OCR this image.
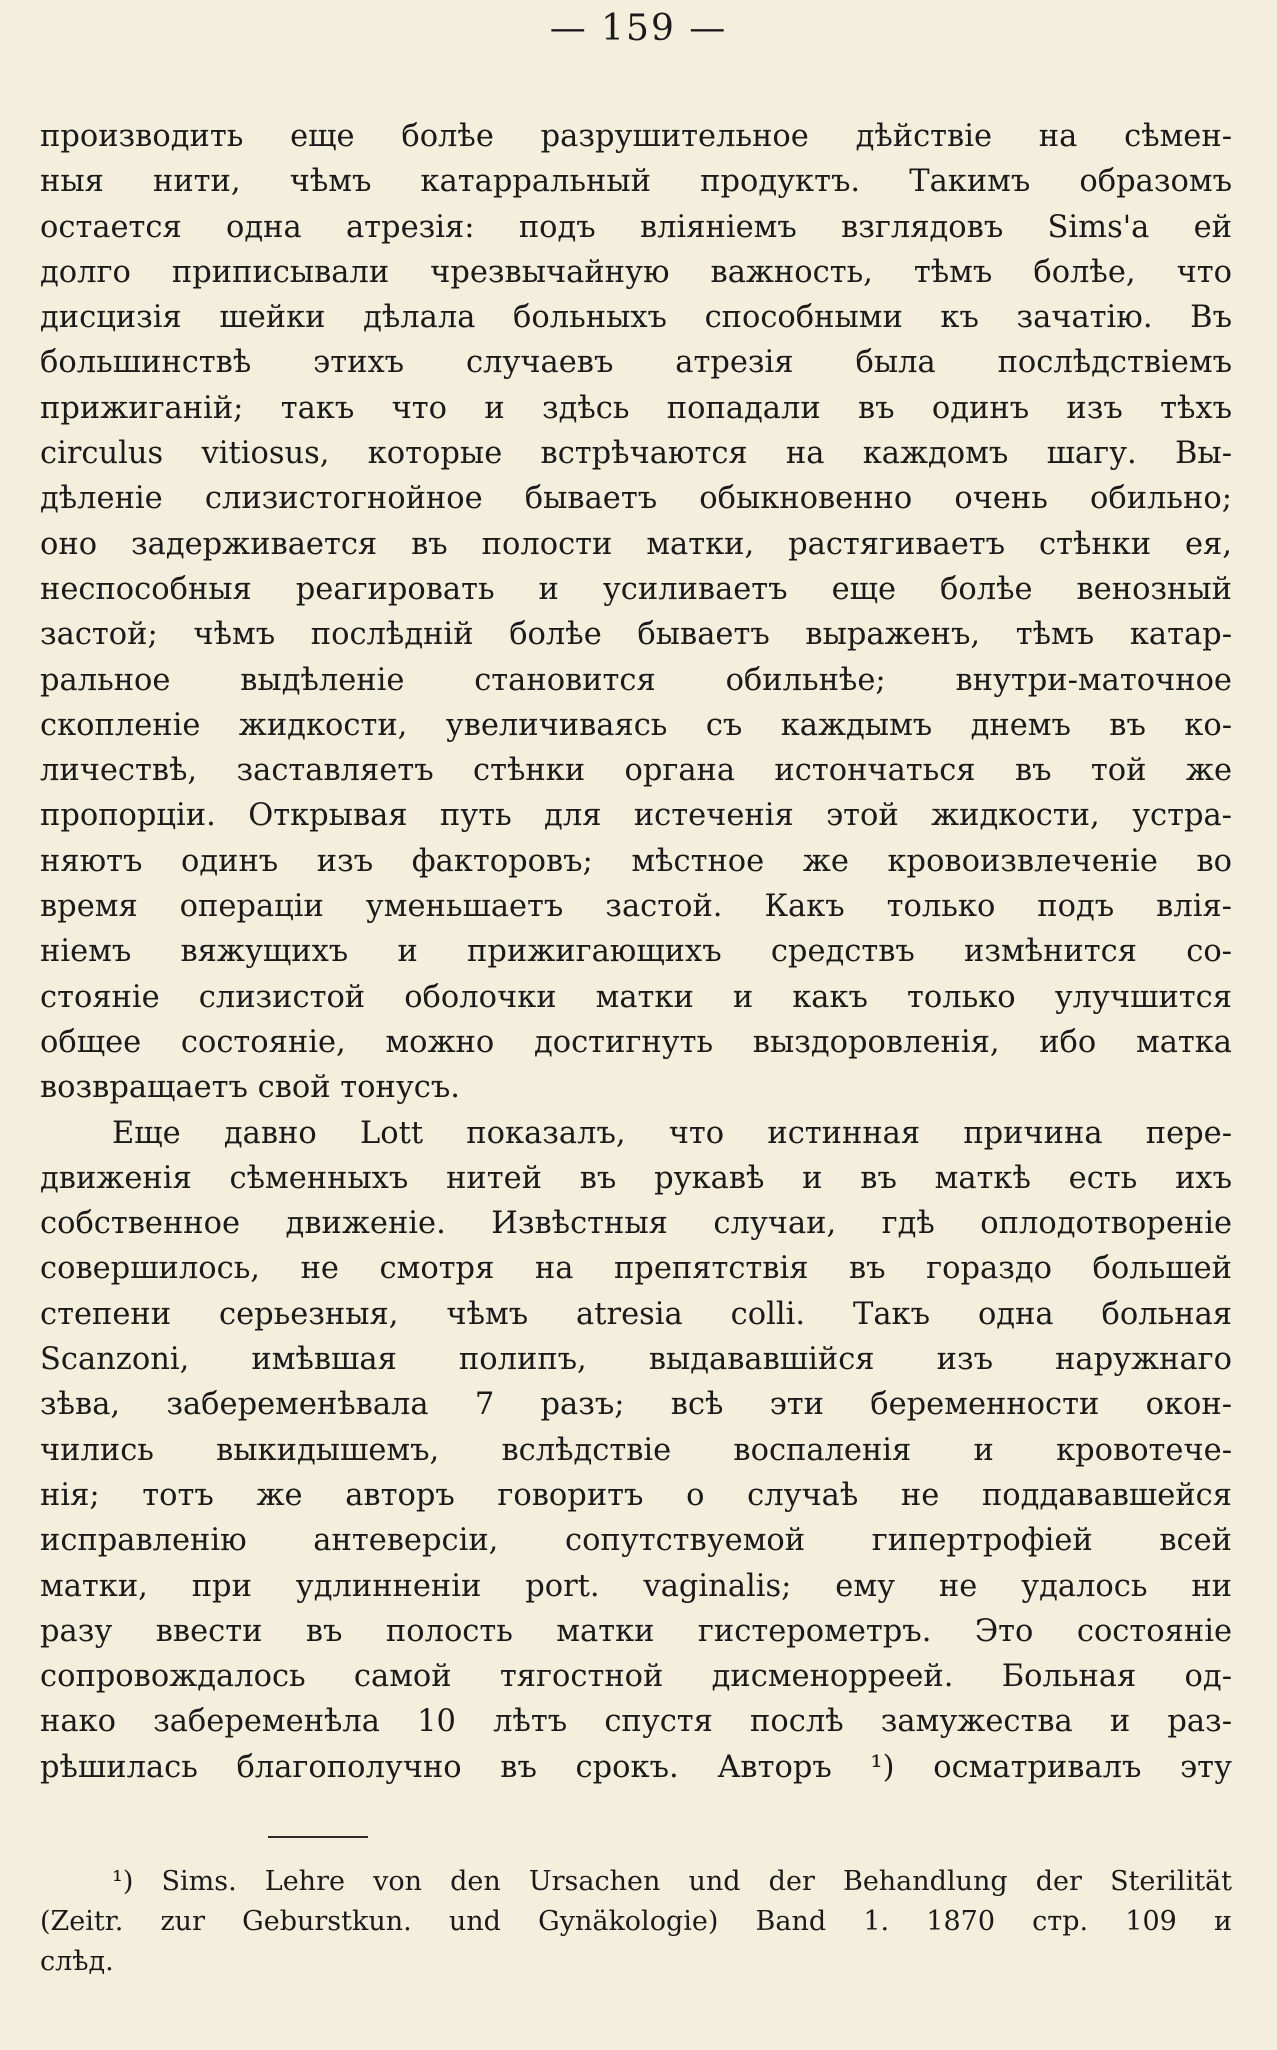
— 159 —
производить еще болѣе разрушительное дѣйствіе на сѣмен-
ныя нити, чѣмъ катарральный продуктъ. Такимъ образомъ
остается одна атрезія: подъ вліяніемъ взглядовъ Sims'а ей
долго приписывали чрезвычайную важность, тѣмъ болѣе, что
дисцизія шейки дѣлала больныхъ способными къ зачатію. Въ
большинствѣ этихъ случаевъ атрезія была послѣдствіемъ
прижиганій; такъ что и здѣсь попадали въ одинъ изъ тѣхъ
circulus vitiosus, которые встрѣчаются на каждомъ шагу. Вы-
дѣленіе слизистогнойное бываетъ обыкновенно очень обильно;
оно задерживается въ полости матки, растягиваетъ стѣнки ея,
неспособныя реагировать и усиливаетъ еще болѣе венозный
застой; чѣмъ послѣдній болѣе бываетъ выраженъ, тѣмъ катар-
ральное выдѣленіе становится обильнѣе; внутри-маточное
скопленіе жидкости, увеличиваясь съ каждымъ днемъ въ ко-
личествѣ, заставляетъ стѣнки органа истончаться въ той же
пропорціи. Открывая путь для истеченія этой жидкости, устра-
няютъ одинъ изъ факторовъ; мѣстное же кровоизвлеченіе во
время операціи уменьшаетъ застой. Какъ только подъ влія-
ніемъ вяжущихъ и прижигающихъ средствъ измѣнится со-
стояніе слизистой оболочки матки и какъ только улучшится
общее состояніе, можно достигнуть выздоровленія, ибо матка
возвращаетъ свой тонусъ.
Еще давно Lott показалъ, что истинная причина пере-
движенія сѣменныхъ нитей въ рукавѣ и въ маткѣ есть ихъ
собственное движеніе. Извѣстныя случаи, гдѣ оплодотвореніе
совершилось, не смотря на препятствія въ гораздо большей
степени серьезныя, чѣмъ atresia colli. Такъ одна больная
Scanzoni, имѣвшая полипъ, выдававшійся изъ наружнаго
зѣва, забеременѣвала 7 разъ; всѣ эти беременности окон-
чились выкидышемъ, вслѣдствіе воспаленія и кровотече-
нія; тотъ же авторъ говоритъ о случаѣ не поддававшейся
исправленію антеверсіи, сопутствуемой гипертрофіей всей
матки, при удлинненіи port. vaginalis; ему не удалось ни
разу ввести въ полость матки гистерометръ. Это состояніе
сопровождалось самой тягостной дисменорреей. Больная од-
нако забеременѣла 10 лѣтъ спустя послѣ замужества и раз-
рѣшилась благополучно въ срокъ. Авторъ ¹) осматривалъ эту
¹) Sims. Lehre von den Ursachen und der Behandlung der Sterilität
(Zeitr. zur Geburstkun. und Gynäkologie) Band 1. 1870 стр. 109 и
слѣд.
